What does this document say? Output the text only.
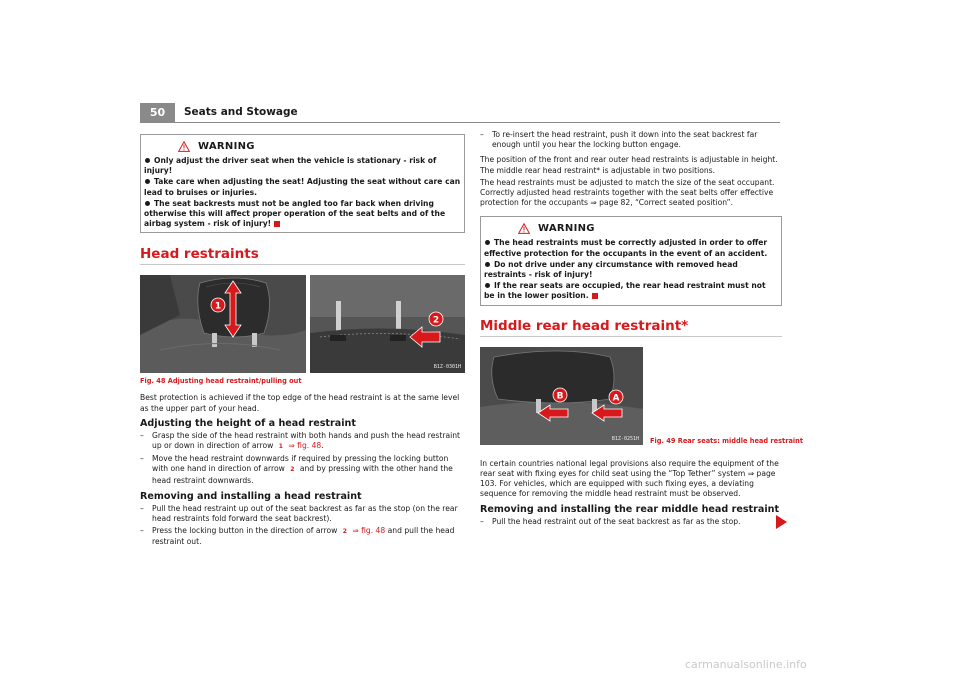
50	Seats and Stowage
WARNING
Only adjust the driver seat when the vehicle is stationary - risk of injury!
Take care when adjusting the seat! Adjusting the seat without care can lead to bruises or injuries.
The seat backrests must not be angled too far back when driving otherwise this will affect proper operation of the seat belts and of the airbag system - risk of injury!
Head restraints
1
2
B1Z-0301H
Fig. 48 Adjusting head restraint/pulling out
Best protection is achieved if the top edge of the head restraint is at the same level as the upper part of your head.
Adjusting the height of a head restraint
–	Grasp the side of the head restraint with both hands and push the head restraint up or down in direction of arrow 1 ⇒ fig. 48.
–	Move the head restraint downwards if required by pressing the locking button with one hand in direction of arrow 2 and by pressing with the other hand the head restraint downwards.
Removing and installing a head restraint
–	Pull the head restraint up out of the seat backrest as far as the stop (on the rear head restraints fold forward the seat backrest).
–	Press the locking button in the direction of arrow 2 ⇒ fig. 48 and pull the head restraint out.
–	To re-insert the head restraint, push it down into the seat backrest far enough until you hear the locking button engage.
The position of the front and rear outer head restraints is adjustable in height. The middle rear head restraint* is adjustable in two positions.
The head restraints must be adjusted to match the size of the seat occupant. Correctly adjusted head restraints together with the seat belts offer effective protection for the occupants ⇒ page 82, “Correct seated position”.
WARNING
The head restraints must be correctly adjusted in order to offer effective protection for the occupants in the event of an accident.
Do not drive under any circumstance with removed head restraints - risk of injury!
If the rear seats are occupied, the rear head restraint must not be in the lower position.
Middle rear head restraint*
B	A
B1Z-0251H Fig. 49 Rear seats: middle head restraint
In certain countries national legal provisions also require the equipment of the rear seat with fixing eyes for child seat using the “Top Tether” system ⇒ page 103. For vehicles, which are equipped with such fixing eyes, a deviating sequence for removing the middle head restraint must be observed.
Removing and installing the rear middle head restraint
–	Pull the head restraint out of the seat backrest as far as the stop.
carmanualsonline.info
